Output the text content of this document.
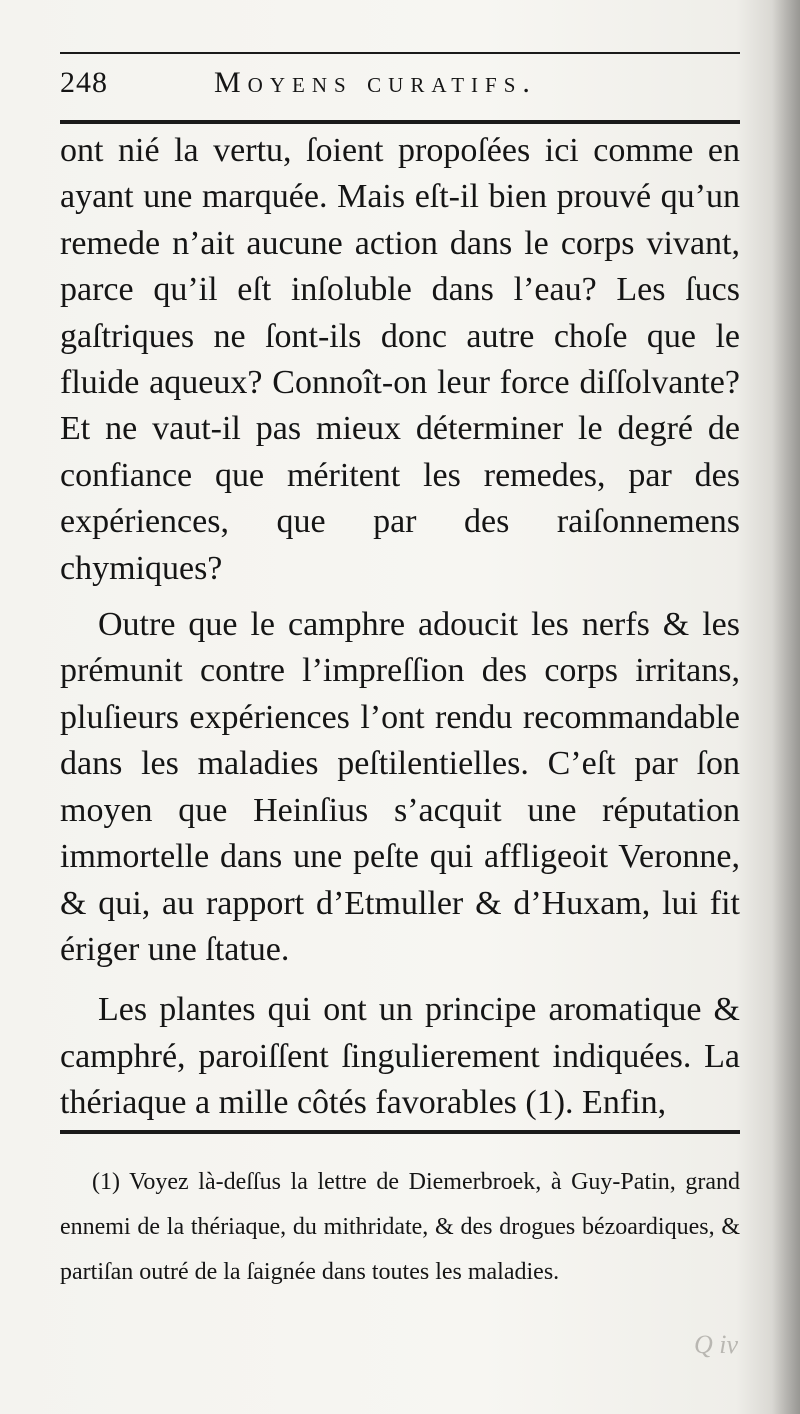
248	Moyens curatifs.

ont nié la vertu, ſoient propoſées ici comme en ayant une marquée. Mais eſt-il bien prouvé qu’un remede n’ait aucune action dans le corps vivant, parce qu’il eſt inſoluble dans l’eau? Les ſucs gaſtriques ne ſont-ils donc autre choſe que le fluide aqueux? Connoît-on leur force diſſolvante? Et ne vaut-il pas mieux déterminer le degré de confiance que méritent les remedes, par des expériences, que par des raiſonnemens chymiques?

Outre que le camphre adoucit les nerfs & les prémunit contre l’impreſſion des corps irritans, pluſieurs expériences l’ont rendu recommandable dans les maladies peſtilentielles. C’eſt par ſon moyen que Heinſius s’acquit une réputation immortelle dans une peſte qui affligeoit Veronne, & qui, au rapport d’Etmuller & d’Huxam, lui fit ériger une ſtatue.

Les plantes qui ont un principe aromatique & camphré, paroiſſent ſingulierement indiquées. La thériaque a mille côtés favorables (1). Enfin,

(1) Voyez là-deſſus la lettre de Diemerbroek, à Guy-Patin, grand ennemi de la thériaque, du mithridate, & des drogues bézoardiques, & partiſan outré de la ſaignée dans toutes les maladies.

Q iv
